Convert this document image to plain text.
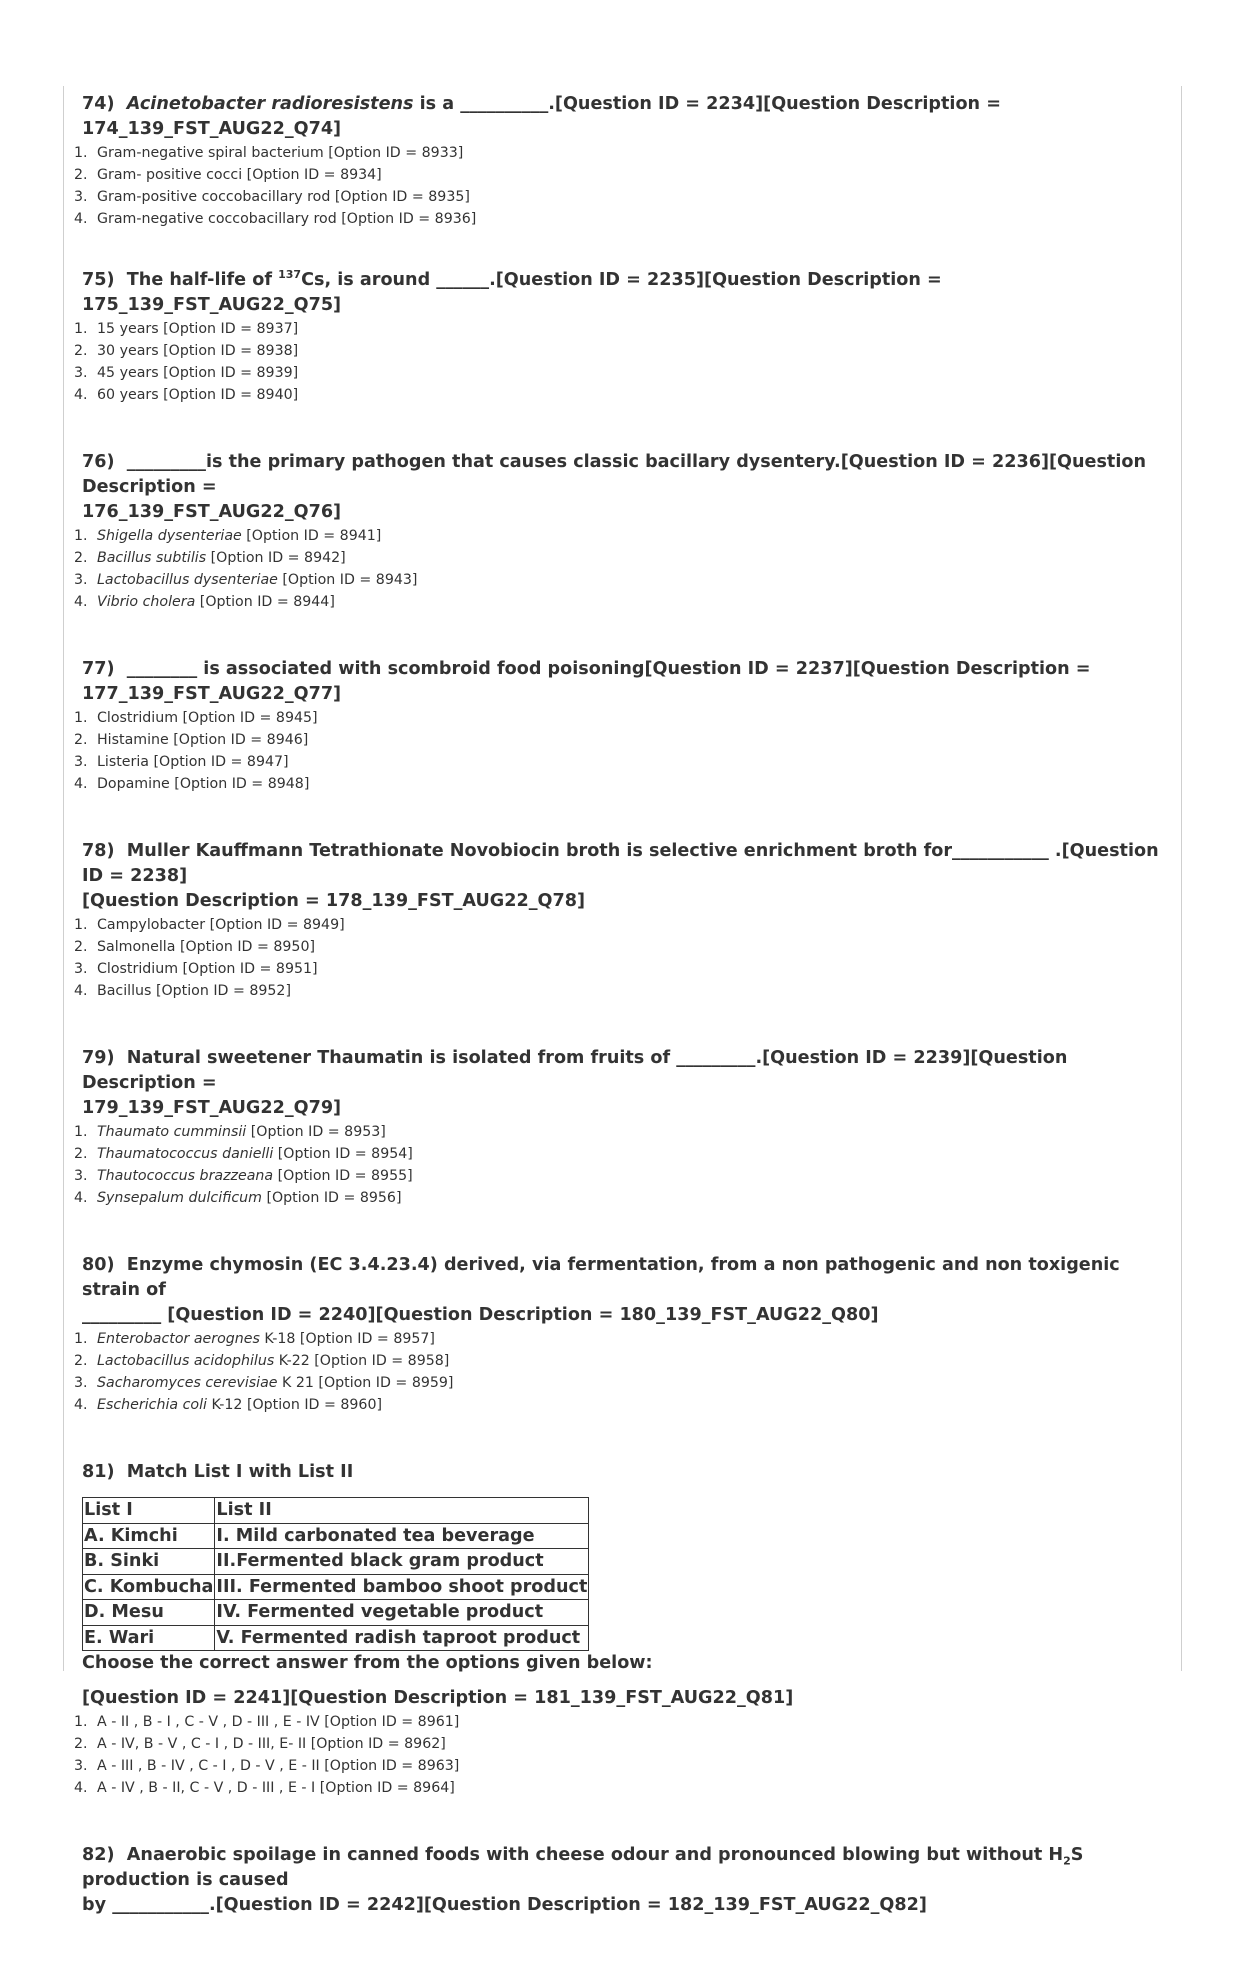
74) Acinetobacter radioresistens is a __________.[Question ID = 2234][Question Description = 174_139_FST_AUG22_Q74]

1. Gram-negative spiral bacterium [Option ID = 8933]
2. Gram- positive cocci [Option ID = 8934]
3. Gram-positive coccobacillary rod [Option ID = 8935]
4. Gram-negative coccobacillary rod [Option ID = 8936]

75) The half-life of $^{137}$Cs, is around ______.[Question ID = 2235][Question Description = 175_139_FST_AUG22_Q75]

1. 15 years [Option ID = 8937]
2. 30 years [Option ID = 8938]
3. 45 years [Option ID = 8939]
4. 60 years [Option ID = 8940]

76) _________is the primary pathogen that causes classic bacillary dysentery.[Question ID = 2236][Question Description =
176_139_FST_AUG22_Q76]

1. Shigella dysenteriae [Option ID = 8941]
2. Bacillus subtilis [Option ID = 8942]
3. Lactobacillus dysenteriae [Option ID = 8943]
4. Vibrio cholera [Option ID = 8944]

77) ________ is associated with scombroid food poisoning[Question ID = 2237][Question Description =
177_139_FST_AUG22_Q77]

1. Clostridium [Option ID = 8945]
2. Histamine [Option ID = 8946]
3. Listeria [Option ID = 8947]
4. Dopamine [Option ID = 8948]

78) Muller Kauffmann Tetrathionate Novobiocin broth is selective enrichment broth for___________ .[Question ID = 2238]
[Question Description = 178_139_FST_AUG22_Q78]

1. Campylobacter [Option ID = 8949]
2. Salmonella [Option ID = 8950]
3. Clostridium [Option ID = 8951]
4. Bacillus [Option ID = 8952]

79) Natural sweetener Thaumatin is isolated from fruits of _________.[Question ID = 2239][Question Description =
179_139_FST_AUG22_Q79]

1. Thaumato cumminsii [Option ID = 8953]
2. Thaumatococcus danielli [Option ID = 8954]
3. Thautococcus brazzeana [Option ID = 8955]
4. Synsepalum dulcificum [Option ID = 8956]

80) Enzyme chymosin (EC 3.4.23.4) derived, via fermentation, from a non pathogenic and non toxigenic strain of
_________ [Question ID = 2240][Question Description = 180_139_FST_AUG22_Q80]

1. Enterobactor aerognes K-18 [Option ID = 8957]
2. Lactobacillus acidophilus K-22 [Option ID = 8958]
3. Sacharomyces cerevisiae K 21 [Option ID = 8959]
4. Escherichia coli K-12 [Option ID = 8960]

81) Match List I with List II

List I	List II
A. Kimchi	I. Mild carbonated tea beverage
B. Sinki	II.Fermented black gram product
C. Kombucha	III. Fermented bamboo shoot product
D. Mesu	IV. Fermented vegetable product
E. Wari	V. Fermented radish taproot product

Choose the correct answer from the options given below:

[Question ID = 2241][Question Description = 181_139_FST_AUG22_Q81]

1. A - II , B - I , C - V , D - III , E - IV [Option ID = 8961]
2. A - IV, B - V , C - I , D - III, E- II [Option ID = 8962]
3. A - III , B - IV , C - I , D - V , E - II [Option ID = 8963]
4. A - IV , B - II, C - V , D - III , E - I [Option ID = 8964]

82) Anaerobic spoilage in canned foods with cheese odour and pronounced blowing but without $H_2S$ production is caused
by ___________.[Question ID = 2242][Question Description = 182_139_FST_AUG22_Q82]
